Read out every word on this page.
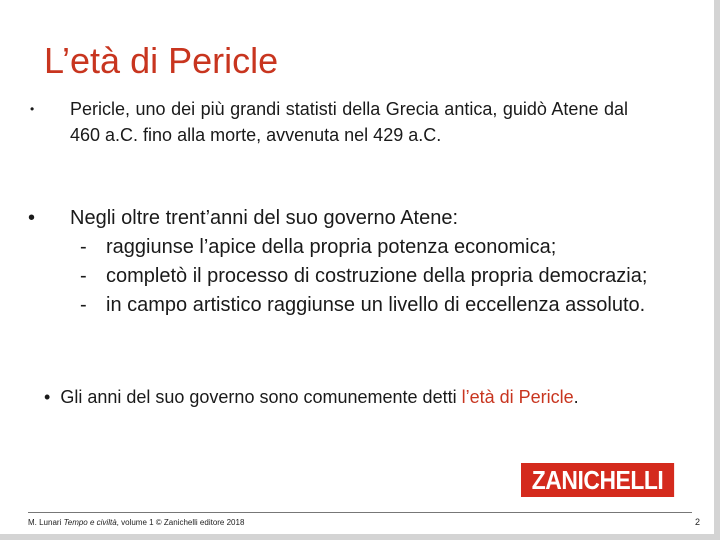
L’età di Pericle
•	Pericle, uno dei più grandi statisti della Grecia antica, guidò Atene dal 460 a.C. fino alla morte, avvenuta nel 429 a.C.
•	Negli oltre trent’anni del suo governo Atene:
- raggiunse l’apice della propria potenza economica;
- completò il processo di costruzione della propria democrazia;
- in campo artistico raggiunse un livello di eccellenza assoluto.
• Gli anni del suo governo sono comunemente detti l’età di Pericle.
ZANICHELLI
M. Lunari Tempo e civiltà, volume 1 © Zanichelli editore 2018	2
